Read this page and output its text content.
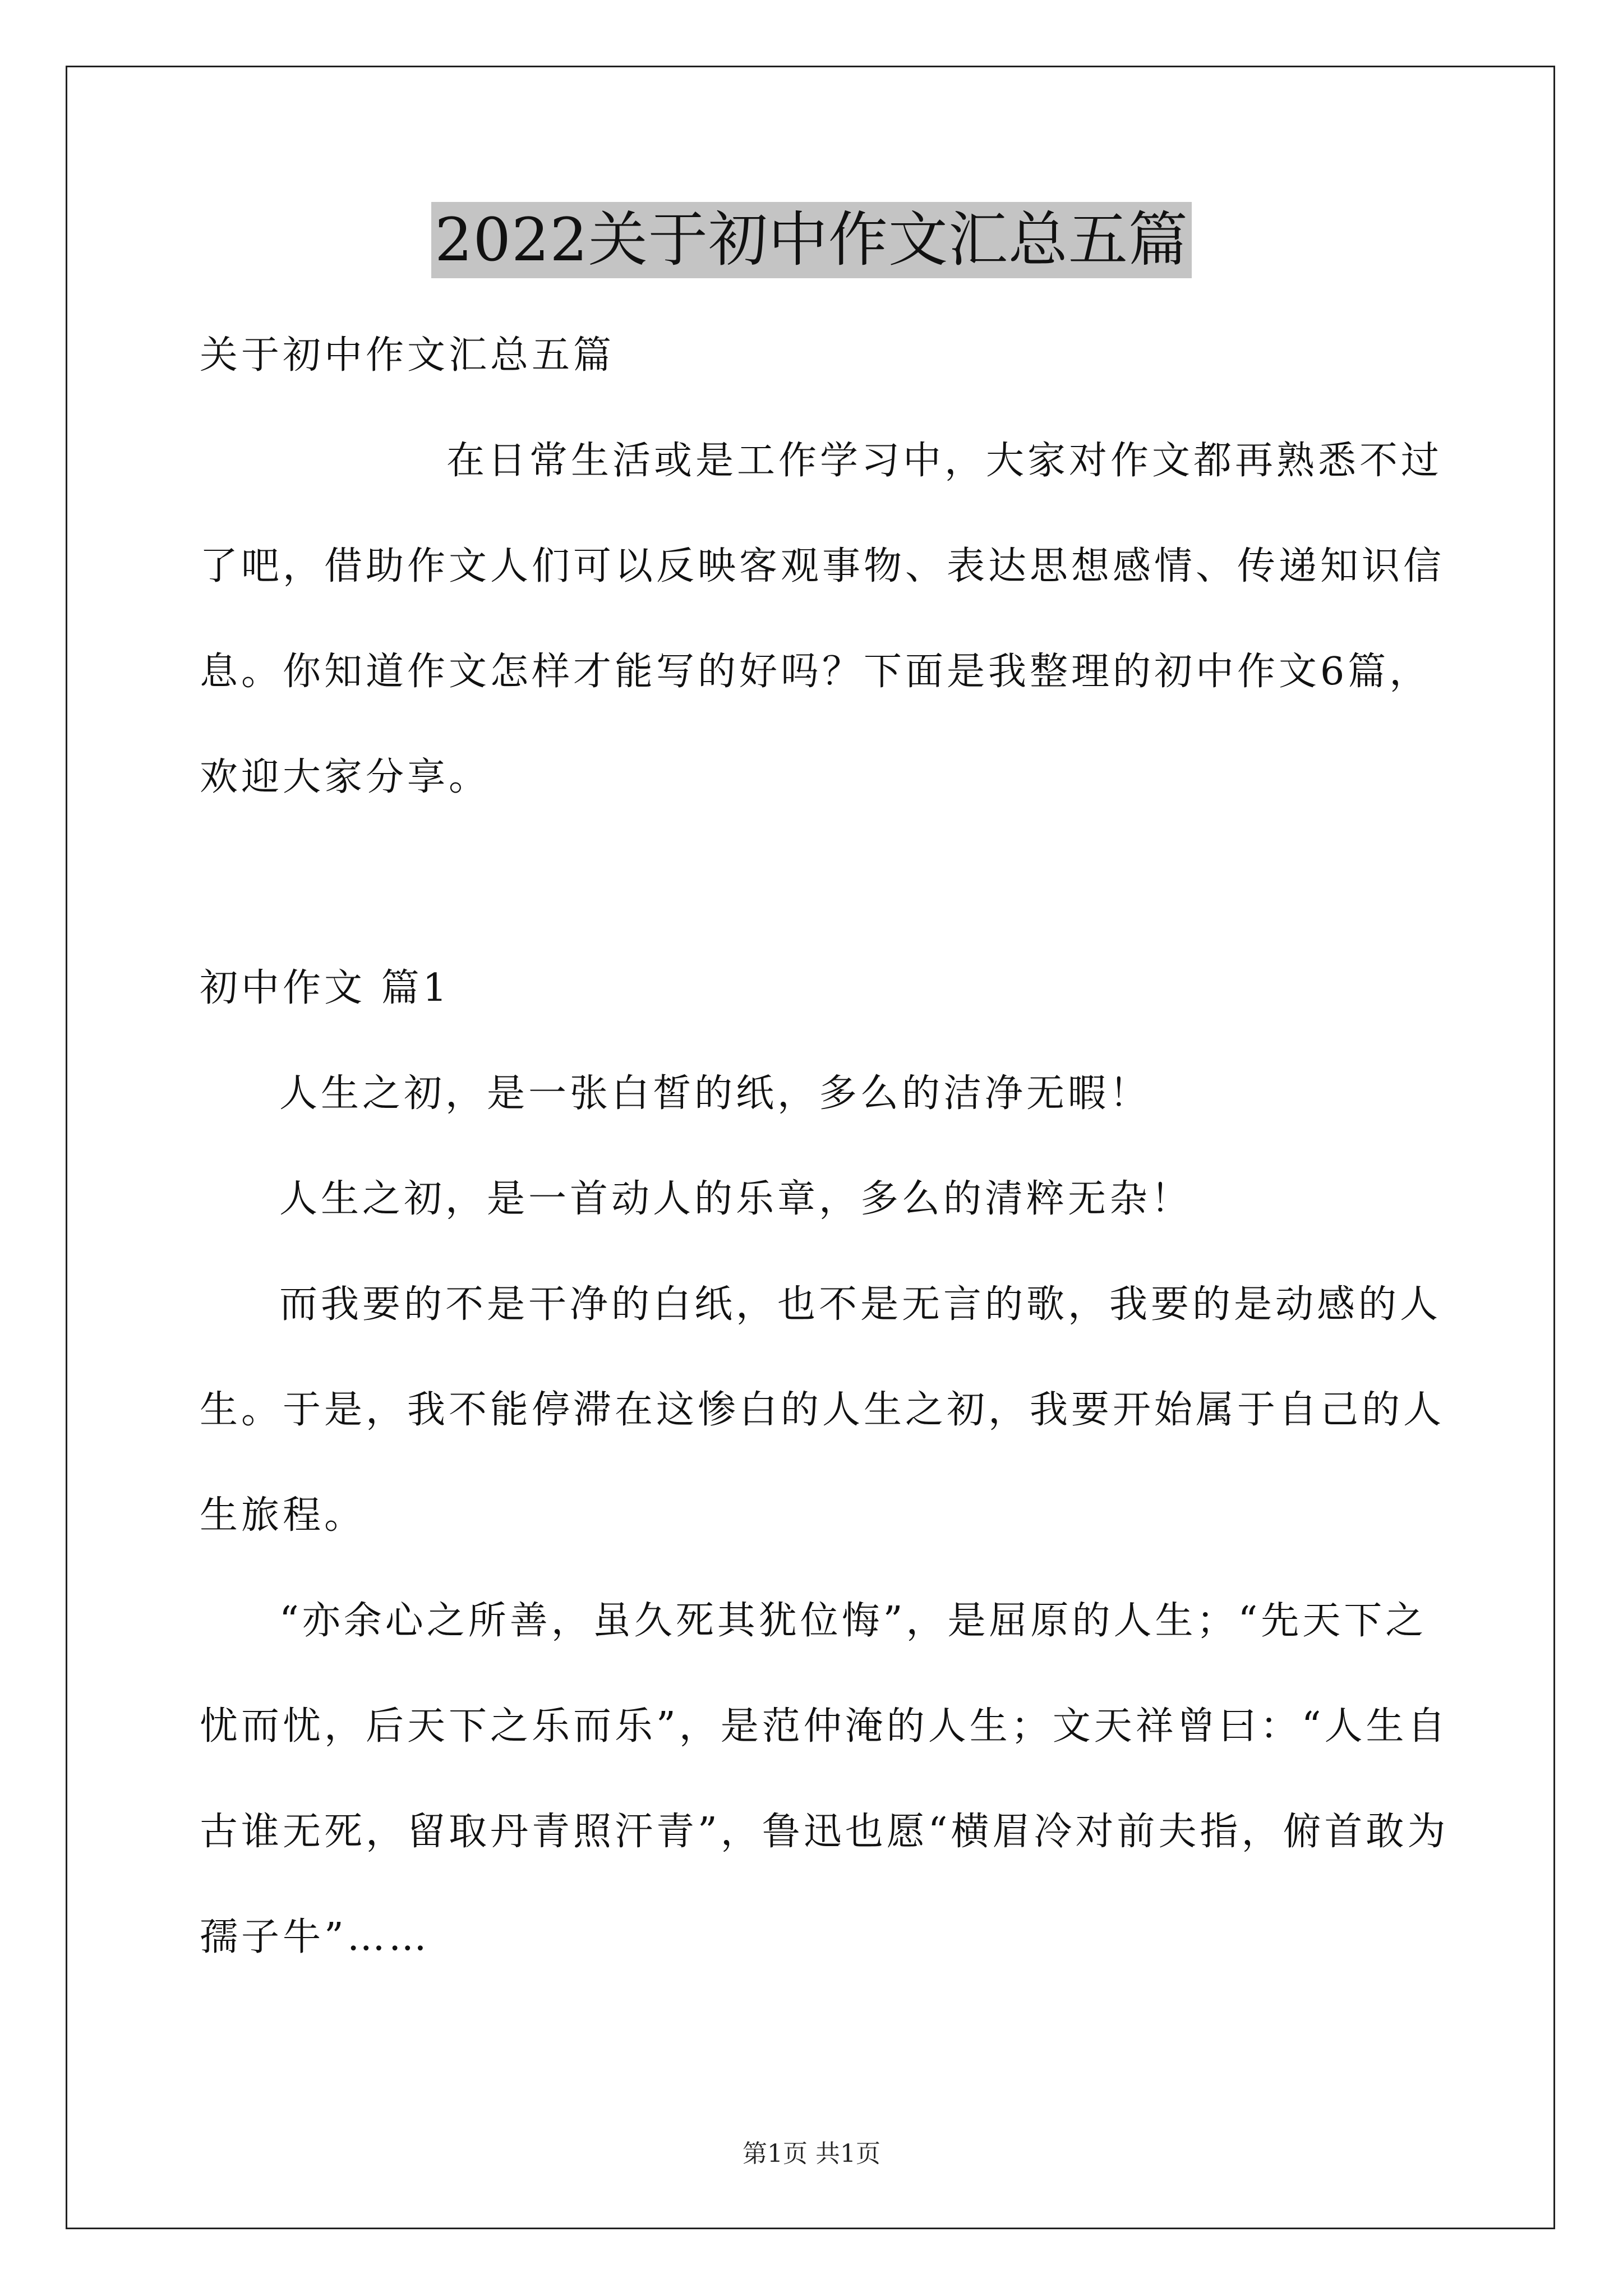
2022关于初中作文汇总五篇
关于初中作文汇总五篇
在日常生活或是工作学习中，大家对作文都再熟悉不过
了吧，借助作文人们可以反映客观事物、表达思想感情、传递知识信
息。你知道作文怎样才能写的好吗？下面是我整理的初中作文6篇，
欢迎大家分享。
初中作文 篇1
人生之初，是一张白皙的纸，多么的洁净无暇！
人生之初，是一首动人的乐章，多么的清粹无杂！
而我要的不是干净的白纸，也不是无言的歌，我要的是动感的人
生。于是，我不能停滞在这惨白的人生之初，我要开始属于自己的人
生旅程。
“亦余心之所善，虽久死其犹位悔”，是屈原的人生；“先天下之
忧而忧，后天下之乐而乐”，是范仲淹的人生；文天祥曾曰：“人生自
古谁无死，留取丹青照汗青”，鲁迅也愿“横眉冷对前夫指，俯首敢为
孺子牛”……
第1页 共1页
